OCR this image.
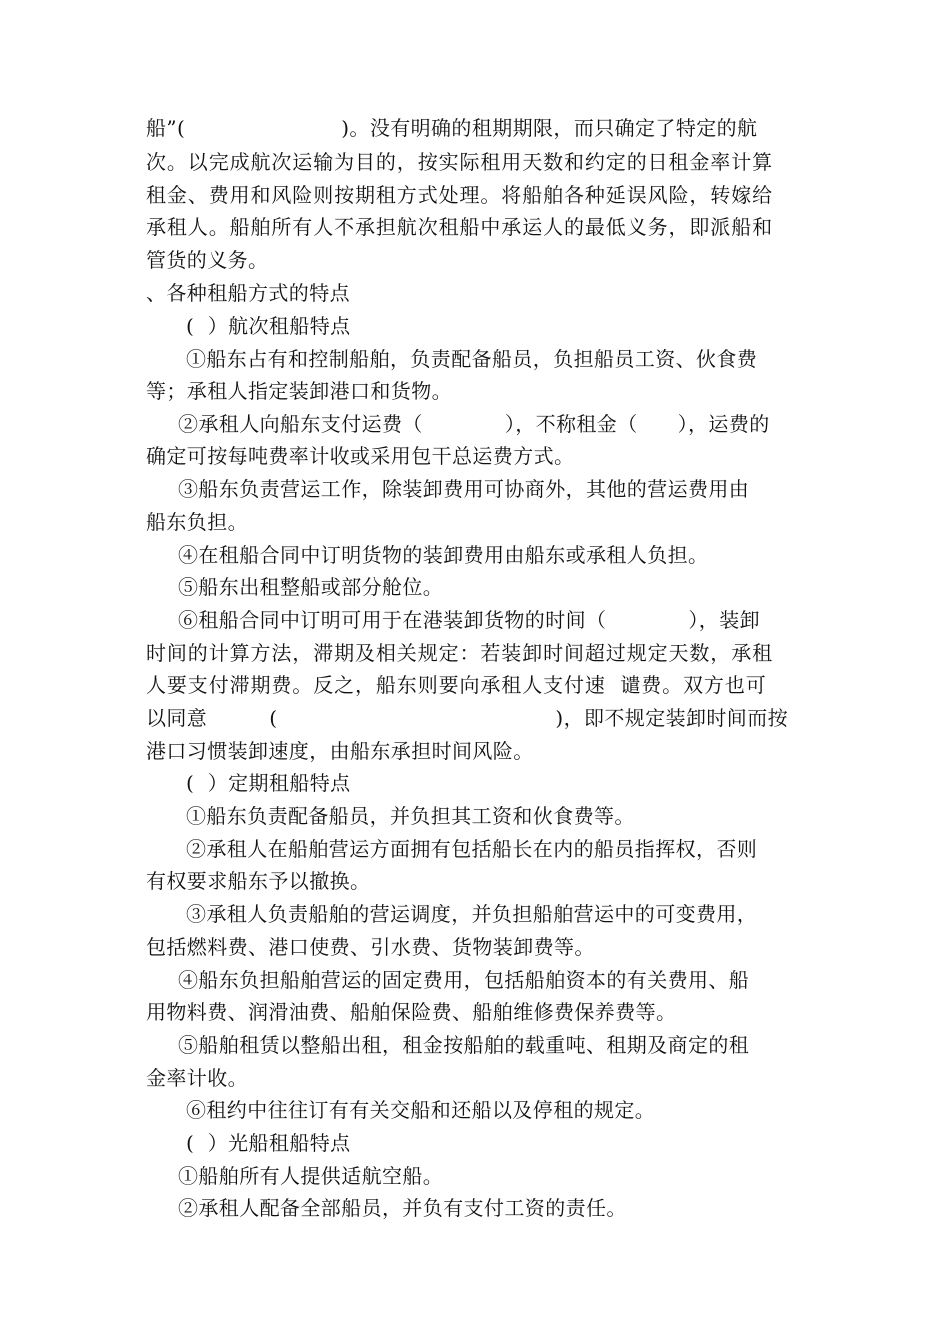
船”(	)。没有明确的租期期限，而只确定了特定的航
次。以完成航次运输为目的，按实际租用天数和约定的日租金率计算
租金、费用和风险则按期租方式处理。将船舶各种延误风险，转嫁给
承租人。船舶所有人不承担航次租船中承运人的最低义务，即派船和
管货的义务。
、各种租船方式的特点
(  ）航次租船特点
①船东占有和控制船舶，负责配备船员，负担船员工资、伙食费
等；承租人指定装卸港口和货物。
②承租人向船东支付运费（	），不称租金（ ），运费的
确定可按每吨费率计收或采用包干总运费方式。
③船东负责营运工作，除装卸费用可协商外，其他的营运费用由
船东负担。
④在租船合同中订明货物的装卸费用由船东或承租人负担。
⑤船东出租整船或部分舱位。
⑥租船合同中订明可用于在港装卸货物的时间（	），装卸
时间的计算方法，滞期及相关规定：若装卸时间超过规定天数，承租
人要支付滞期费。反之，船东则要向承租人支付速  谴费。双方也可
以同意	(	)，即不规定装卸时间而按
港口习惯装卸速度，由船东承担时间风险。
(  ）定期租船特点
①船东负责配备船员，并负担其工资和伙食费等。
②承租人在船舶营运方面拥有包括船长在内的船员指挥权，否则
有权要求船东予以撤换。
③承租人负责船舶的营运调度，并负担船舶营运中的可变费用，
包括燃料费、港口使费、引水费、货物装卸费等。
④船东负担船舶营运的固定费用，包括船舶资本的有关费用、船
用物料费、润滑油费、船舶保险费、船舶维修费保养费等。
⑤船舶租赁以整船出租，租金按船舶的载重吨、租期及商定的租
金率计收。
⑥租约中往往订有有关交船和还船以及停租的规定。
(  ）光船租船特点
①船舶所有人提供适航空船。
②承租人配备全部船员，并负有支付工资的责任。
